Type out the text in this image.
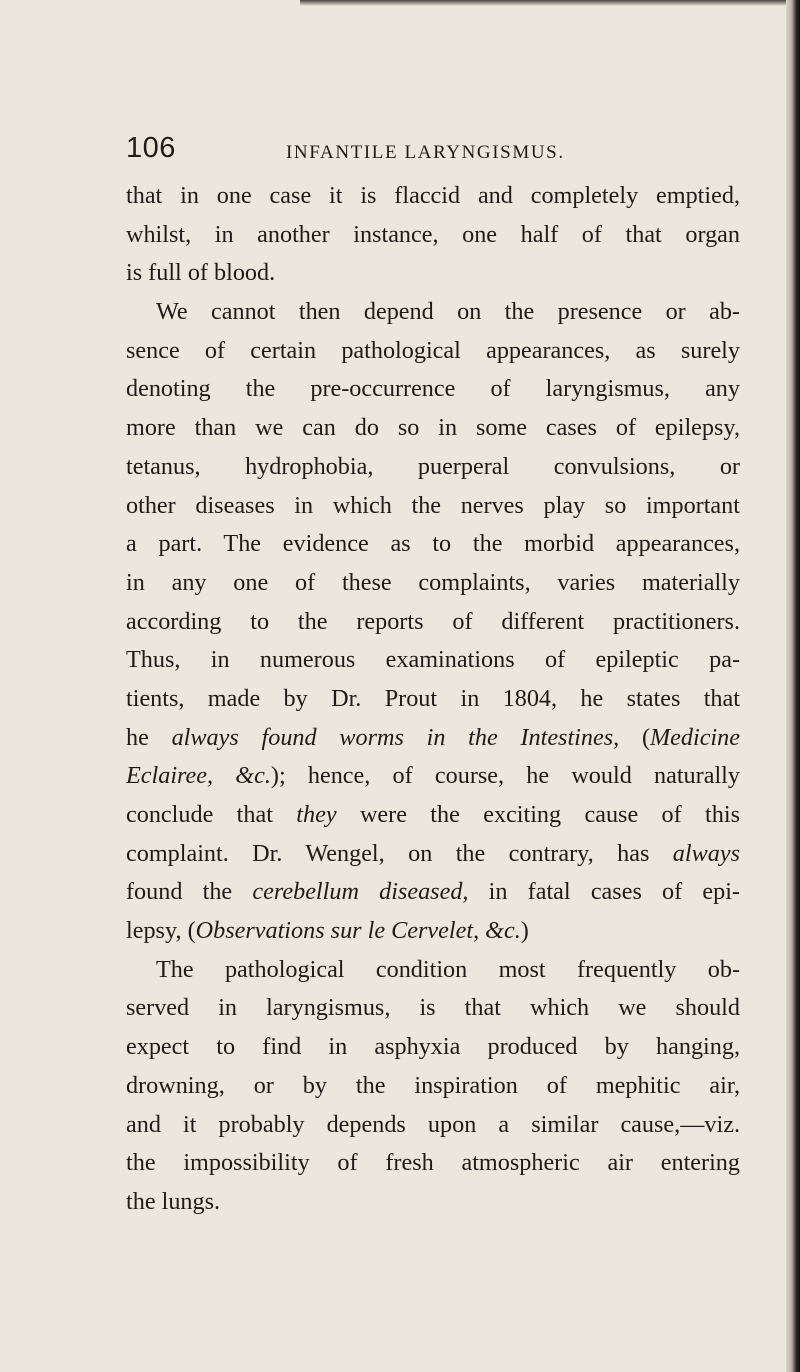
106	INFANTILE LARYNGISMUS.
that in one case it is flaccid and completely emptied,
whilst, in another instance, one half of that organ
is full of blood.
We cannot then depend on the presence or ab-
sence of certain pathological appearances, as surely
denoting the pre-occurrence of laryngismus, any
more than we can do so in some cases of epilepsy,
tetanus, hydrophobia, puerperal convulsions, or
other diseases in which the nerves play so important
a part. The evidence as to the morbid appearances,
in any one of these complaints, varies materially
according to the reports of different practitioners.
Thus, in numerous examinations of epileptic pa-
tients, made by Dr. Prout in 1804, he states that
he always found worms in the Intestines, (Medicine
Eclairee, &c.); hence, of course, he would naturally
conclude that they were the exciting cause of this
complaint. Dr. Wengel, on the contrary, has always
found the cerebellum diseased, in fatal cases of epi-
lepsy, (Observations sur le Cervelet, &c.)
The pathological condition most frequently ob-
served in laryngismus, is that which we should
expect to find in asphyxia produced by hanging,
drowning, or by the inspiration of mephitic air,
and it probably depends upon a similar cause,—viz.
the impossibility of fresh atmospheric air entering
the lungs.
